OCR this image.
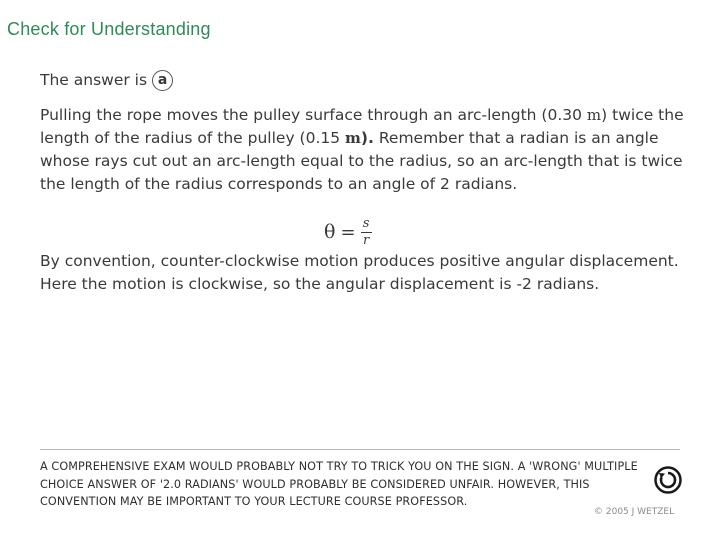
Check for Understanding
The answer is a
Pulling the rope moves the pulley surface through an arc-length (0.30 m) twice the length of the radius of the pulley (0.15 m). Remember that a radian is an angle whose rays cut out an arc-length equal to the radius, so an arc-length that is twice the length of the radius corresponds to an angle of 2 radians.
$\theta = \frac{s}{r}$
By convention, counter-clockwise motion produces positive angular displacement. Here the motion is clockwise, so the angular displacement is -2 radians.
A COMPREHENSIVE EXAM WOULD PROBABLY NOT TRY TO TRICK YOU ON THE SIGN. A 'WRONG' MULTIPLE CHOICE ANSWER OF '2.0 RADIANS' WOULD PROBABLY BE CONSIDERED UNFAIR. HOWEVER, THIS CONVENTION MAY BE IMPORTANT TO YOUR LECTURE COURSE PROFESSOR.
© 2005 J WETZEL
